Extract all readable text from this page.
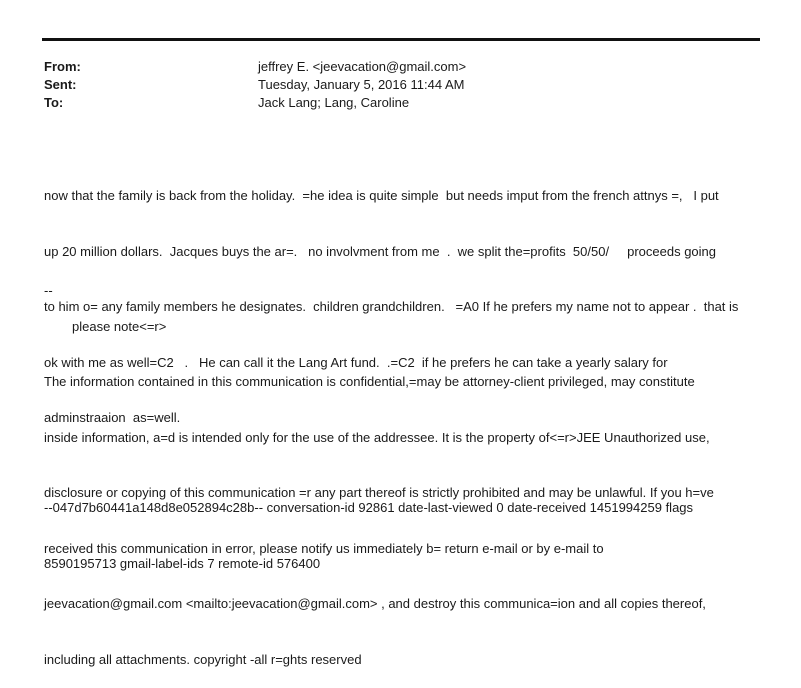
From:	jeffrey E. <jeevacation@gmail.com>
Sent:	Tuesday, January 5, 2016 11:44 AM
To:	Jack Lang; Lang, Caroline

now that the family is back from the holiday.  =he idea is quite simple  but needs imput from the french attnys =,   I put

up 20 million dollars.  Jacques buys the ar=.   no involvment from me  .  we split the=profits  50/50/     proceeds going

to him o= any family members he designates.  children grandchildren.   =A0 If he prefers my name not to appear .  that is

ok with me as well=C2   .   He can call it the Lang Art fund.  .=C2  if he prefers he can take a yearly salary for

adminstraaion  as=well.

--
please note<=r>

The information contained in this communication is confidential,=may be attorney-client privileged, may constitute

inside information, a=d is intended only for the use of the addressee. It is the property of<=r>JEE Unauthorized use,

disclosure or copying of this communication =r any part thereof is strictly prohibited and may be unlawful. If you h=ve

received this communication in error, please notify us immediately b= return e-mail or by e-mail to

jeevacation@gmail.com <mailto:jeevacation@gmail.com> , and destroy this communica=ion and all copies thereof,

including all attachments. copyright -all r=ghts reserved

--047d7b60441a148d8e052894c28b-- conversation-id 92861 date-last-viewed 0 date-received 1451994259 flags

8590195713 gmail-label-ids 7 remote-id 576400
